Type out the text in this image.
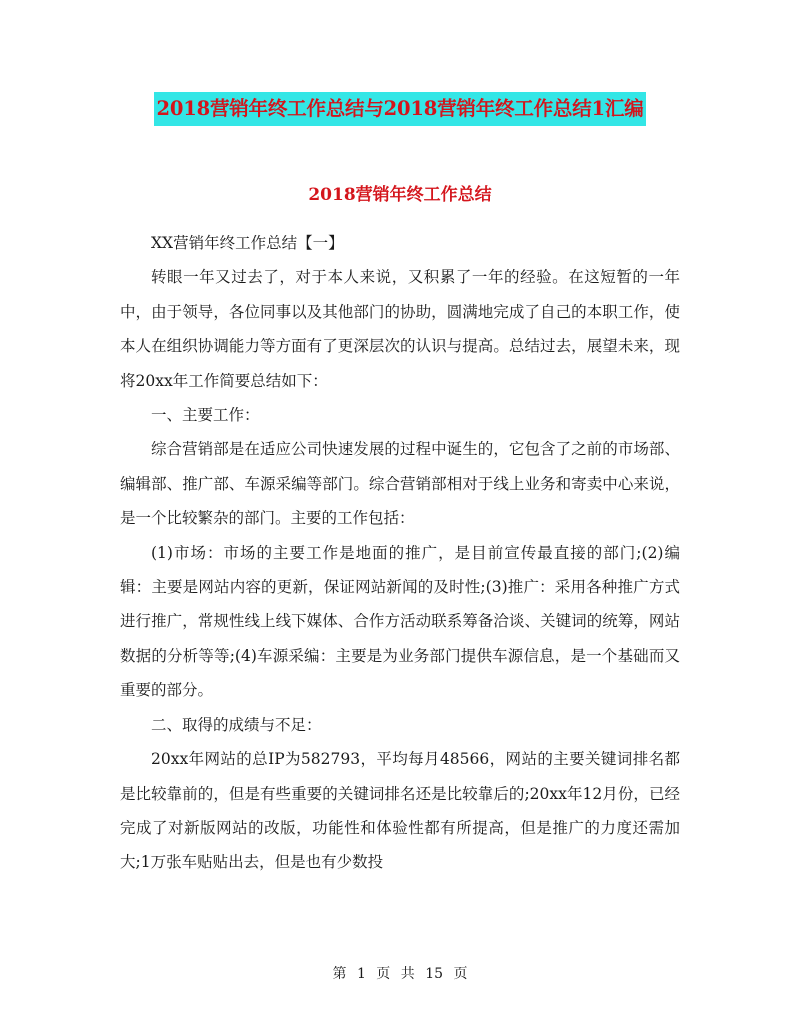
2018营销年终工作总结与2018营销年终工作总结1汇编
2018营销年终工作总结

XX营销年终工作总结【一】

转眼一年又过去了，对于本人来说，又积累了一年的经验。在这短暂的一年中，由于领导，各位同事以及其他部门的协助，圆满地完成了自己的本职工作，使本人在组织协调能力等方面有了更深层次的认识与提高。总结过去，展望未来，现将20xx年工作简要总结如下：

一、主要工作：

综合营销部是在适应公司快速发展的过程中诞生的，它包含了之前的市场部、编辑部、推广部、车源采编等部门。综合营销部相对于线上业务和寄卖中心来说，是一个比较繁杂的部门。主要的工作包括：

(1)市场：市场的主要工作是地面的推广，是目前宣传最直接的部门;(2)编辑：主要是网站内容的更新，保证网站新闻的及时性;(3)推广：采用各种推广方式进行推广，常规性线上线下媒体、合作方活动联系筹备洽谈、关键词的统筹，网站数据的分析等等;(4)车源采编：主要是为业务部门提供车源信息，是一个基础而又重要的部分。

二、取得的成绩与不足：

20xx年网站的总IP为582793，平均每月48566，网站的主要关键词排名都是比较靠前的，但是有些重要的关键词排名还是比较靠后的;20xx年12月份，已经完成了对新版网站的改版，功能性和体验性都有所提高，但是推广的力度还需加大;1万张车贴贴出去，但是也有少数投

第 1 页 共 15 页
